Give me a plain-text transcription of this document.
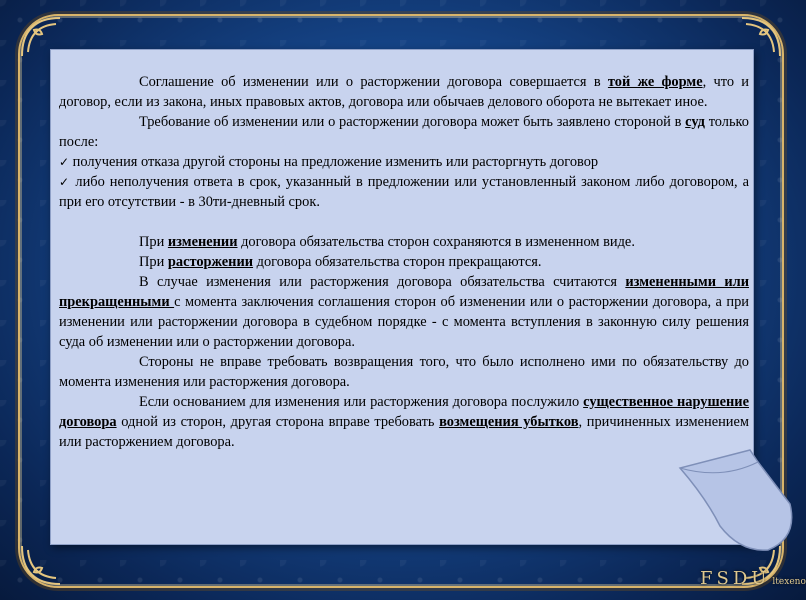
Соглашение об изменении или о расторжении договора совершается в той же форме, что и договор, если из закона, иных правовых актов, договора или обычаев делового оборота не вытекает иное.

Требование об изменении или о расторжении договора может быть заявлено стороной в суд только после:

✓ получения отказа другой стороны на предложение изменить или расторгнуть договор

✓ либо неполучения ответа в срок, указанный в предложении или установленный законом либо договором, а при его отсутствии - в 30ти-дневный срок.

При изменении договора обязательства сторон сохраняются в измененном виде.

При расторжении договора обязательства сторон прекращаются.

В случае изменения или расторжения договора обязательства считаются измененными или прекращенными с момента заключения соглашения сторон об изменении или о расторжении договора, а при изменении или расторжении договора в судебном порядке - с момента вступления в законную силу решения суда об изменении или о расторжении договора.

Стороны не вправе требовать возвращения того, что было исполнено ими по обязательству до момента изменения или расторжения договора.

Если основанием для изменения или расторжения договора послужило существенное нарушение договора одной из сторон, другая сторона вправе требовать возмещения убытков, причиненных изменением или расторжением договора.

FSDU ltexeno
